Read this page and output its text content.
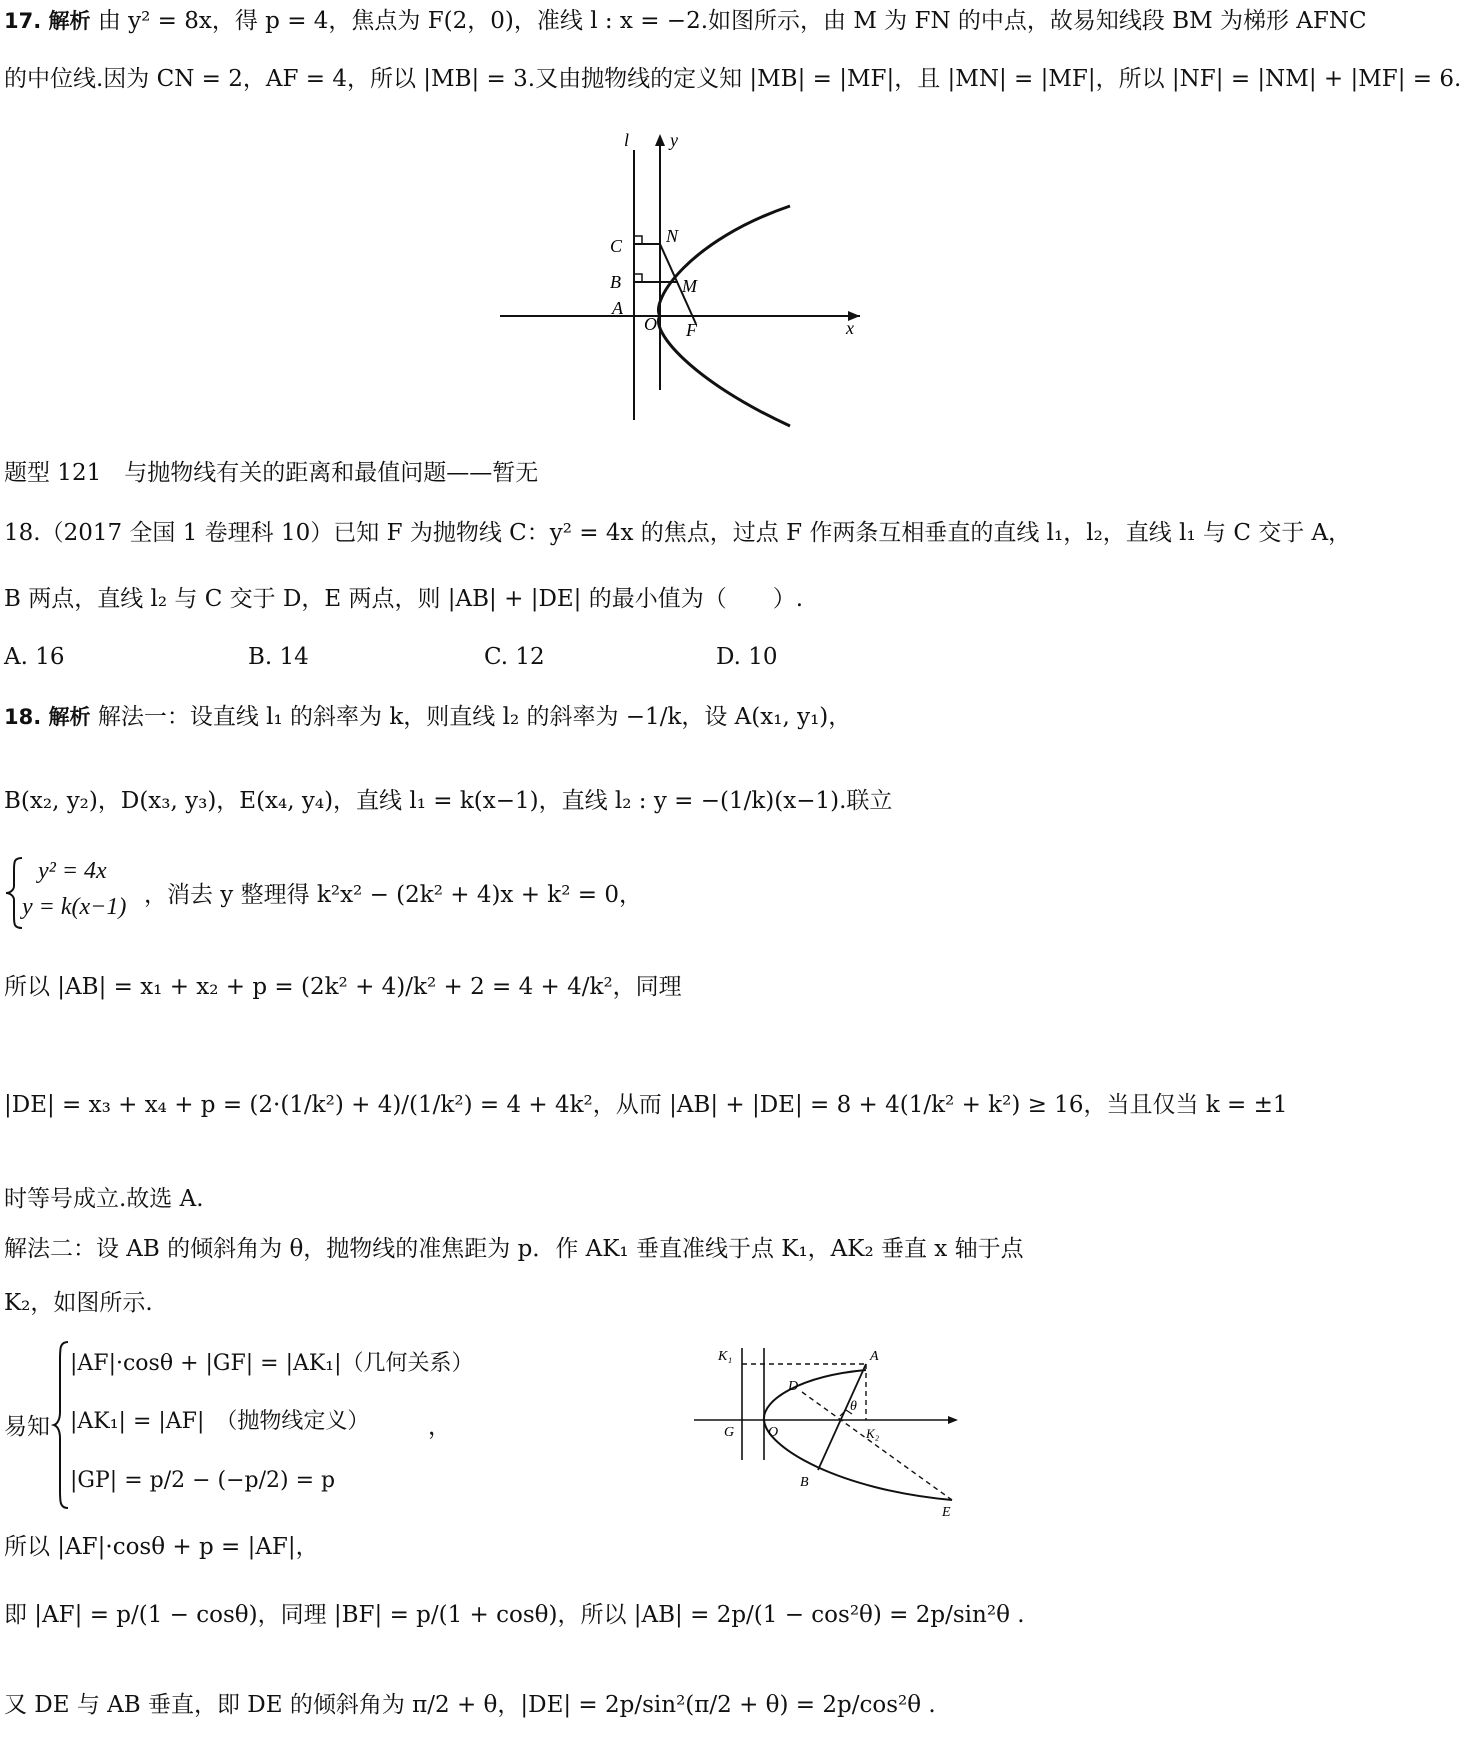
17. 解析 由 y² = 8x，得 p = 4，焦点为 F(2，0)，准线 l : x = −2.如图所示，由 M 为 FN 的中点，故易知线段 BM 为梯形 AFNC
的中位线.因为 CN = 2，AF = 4，所以 |MB| = 3.又由抛物线的定义知 |MB| = |MF|，且 |MN| = |MF|，所以 |NF| = |NM| + |MF| = 6.
l y
C N
B	M
A
O F	x
题型 121　与抛物线有关的距离和最值问题——暂无
18.（2017 全国 1 卷理科 10）已知 F 为抛物线 C：y² = 4x 的焦点，过点 F 作两条互相垂直的直线 l₁，l₂，直线 l₁ 与 C 交于 A，
B 两点，直线 l₂ 与 C 交于 D，E 两点，则 |AB| + |DE| 的最小值为（　　）.
A. 16	B. 14	C. 12	D. 10
18. 解析 解法一：设直线 l₁ 的斜率为 k，则直线 l₂ 的斜率为 −1/k，设 A(x₁, y₁)，
B(x₂, y₂)，D(x₃, y₃)，E(x₄, y₄)，直线 l₁ = k(x−1)，直线 l₂ : y = −(1/k)(x−1).联立
y² = 4x
y = k(x−1) ，消去 y 整理得 k²x² − (2k² + 4)x + k² = 0，
所以 |AB| = x₁ + x₂ + p = (2k² + 4)/k² + 2 = 4 + 4/k²，同理
|DE| = x₃ + x₄ + p = (2·(1/k²) + 4)/(1/k²) = 4 + 4k²，从而 |AB| + |DE| = 8 + 4(1/k² + k²) ≥ 16，当且仅当 k = ±1
时等号成立.故选 A.
解法二：设 AB 的倾斜角为 θ，抛物线的准焦距为 p．作 AK₁ 垂直准线于点 K₁，AK₂ 垂直 x 轴于点
K₂，如图所示.
易知
|AF|·cosθ + |GF| = |AK₁|（几何关系）
|AK₁| = |AF|　（抛物线定义）
|GP| = p/2 − (−p/2) = p
，
K₁	A
D
G O
θ
K₂
B
E
所以 |AF|·cosθ + p = |AF|，
即 |AF| = p/(1 − cosθ)，同理 |BF| = p/(1 + cosθ)，所以 |AB| = 2p/(1 − cos²θ) = 2p/sin²θ .
又 DE 与 AB 垂直，即 DE 的倾斜角为 π/2 + θ，|DE| = 2p/sin²(π/2 + θ) = 2p/cos²θ .
